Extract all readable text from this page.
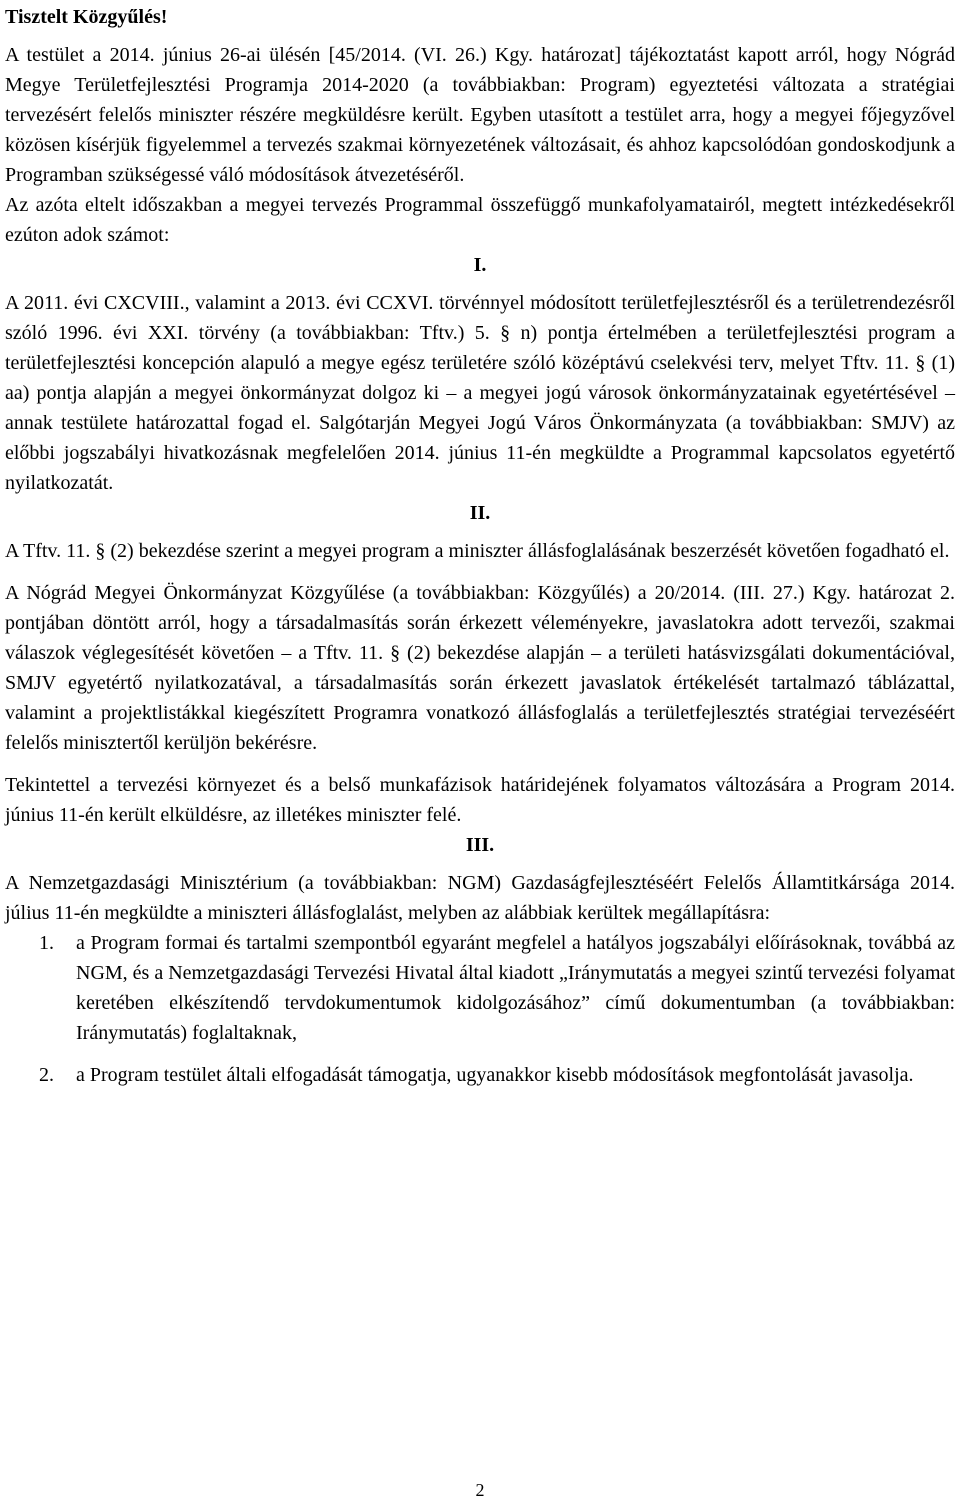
Tisztelt Közgyűlés!

A testület a 2014. június 26-ai ülésén [45/2014. (VI. 26.) Kgy. határozat] tájékoztatást kapott arról, hogy Nógrád Megye Területfejlesztési Programja 2014-2020 (a továbbiakban: Program) egyeztetési változata a stratégiai tervezésért felelős miniszter részére megküldésre került. Egyben utasított a testület arra, hogy a megyei főjegyzővel közösen kísérjük figyelemmel a tervezés szakmai környezetének változásait, és ahhoz kapcsolódóan gondoskodjunk a Programban szükségessé váló módosítások átvezetéséről.

Az azóta eltelt időszakban a megyei tervezés Programmal összefüggő munkafolyamatairól, megtett intézkedésekről ezúton adok számot:

I.

A 2011. évi CXCVIII., valamint a 2013. évi CCXVI. törvénnyel módosított területfejlesztésről és a területrendezésről szóló 1996. évi XXI. törvény (a továbbiakban: Tftv.) 5. § n) pontja értelmében a területfejlesztési program a területfejlesztési koncepción alapuló a megye egész területére szóló középtávú cselekvési terv, melyet Tftv. 11. § (1) aa) pontja alapján a megyei önkormányzat dolgoz ki – a megyei jogú városok önkormányzatainak egyetértésével – annak testülete határozattal fogad el. Salgótarján Megyei Jogú Város Önkormányzata (a továbbiakban: SMJV) az előbbi jogszabályi hivatkozásnak megfelelően 2014. június 11-én megküldte a Programmal kapcsolatos egyetértő nyilatkozatát.

II.

A Tftv. 11. § (2) bekezdése szerint a megyei program a miniszter állásfoglalásának beszerzését követően fogadható el.

A Nógrád Megyei Önkormányzat Közgyűlése (a továbbiakban: Közgyűlés) a 20/2014. (III. 27.) Kgy. határozat 2. pontjában döntött arról, hogy a társadalmasítás során érkezett véleményekre, javaslatokra adott tervezői, szakmai válaszok véglegesítését követően – a Tftv. 11. § (2) bekezdése alapján – a területi hatásvizsgálati dokumentációval, SMJV egyetértő nyilatkozatával, a társadalmasítás során érkezett javaslatok értékelését tartalmazó táblázattal, valamint a projektlistákkal kiegészített Programra vonatkozó állásfoglalás a területfejlesztés stratégiai tervezéséért felelős minisztertől kerüljön bekérésre.

Tekintettel a tervezési környezet és a belső munkafázisok határidejének folyamatos változására a Program 2014. június 11-én került elküldésre, az illetékes miniszter felé.

III.

A Nemzetgazdasági Minisztérium (a továbbiakban: NGM) Gazdaságfejlesztéséért Felelős Államtitkársága 2014. július 11-én megküldte a miniszteri állásfoglalást, melyben az alábbiak kerültek megállapításra:

1. a Program formai és tartalmi szempontból egyaránt megfelel a hatályos jogszabályi előírásoknak, továbbá az NGM, és a Nemzetgazdasági Tervezési Hivatal által kiadott „Iránymutatás a megyei szintű tervezési folyamat keretében elkészítendő tervdokumentumok kidolgozásához” című dokumentumban (a továbbiakban: Iránymutatás) foglaltaknak,
2. a Program testület általi elfogadását támogatja, ugyanakkor kisebb módosítások megfontolását javasolja.
2
